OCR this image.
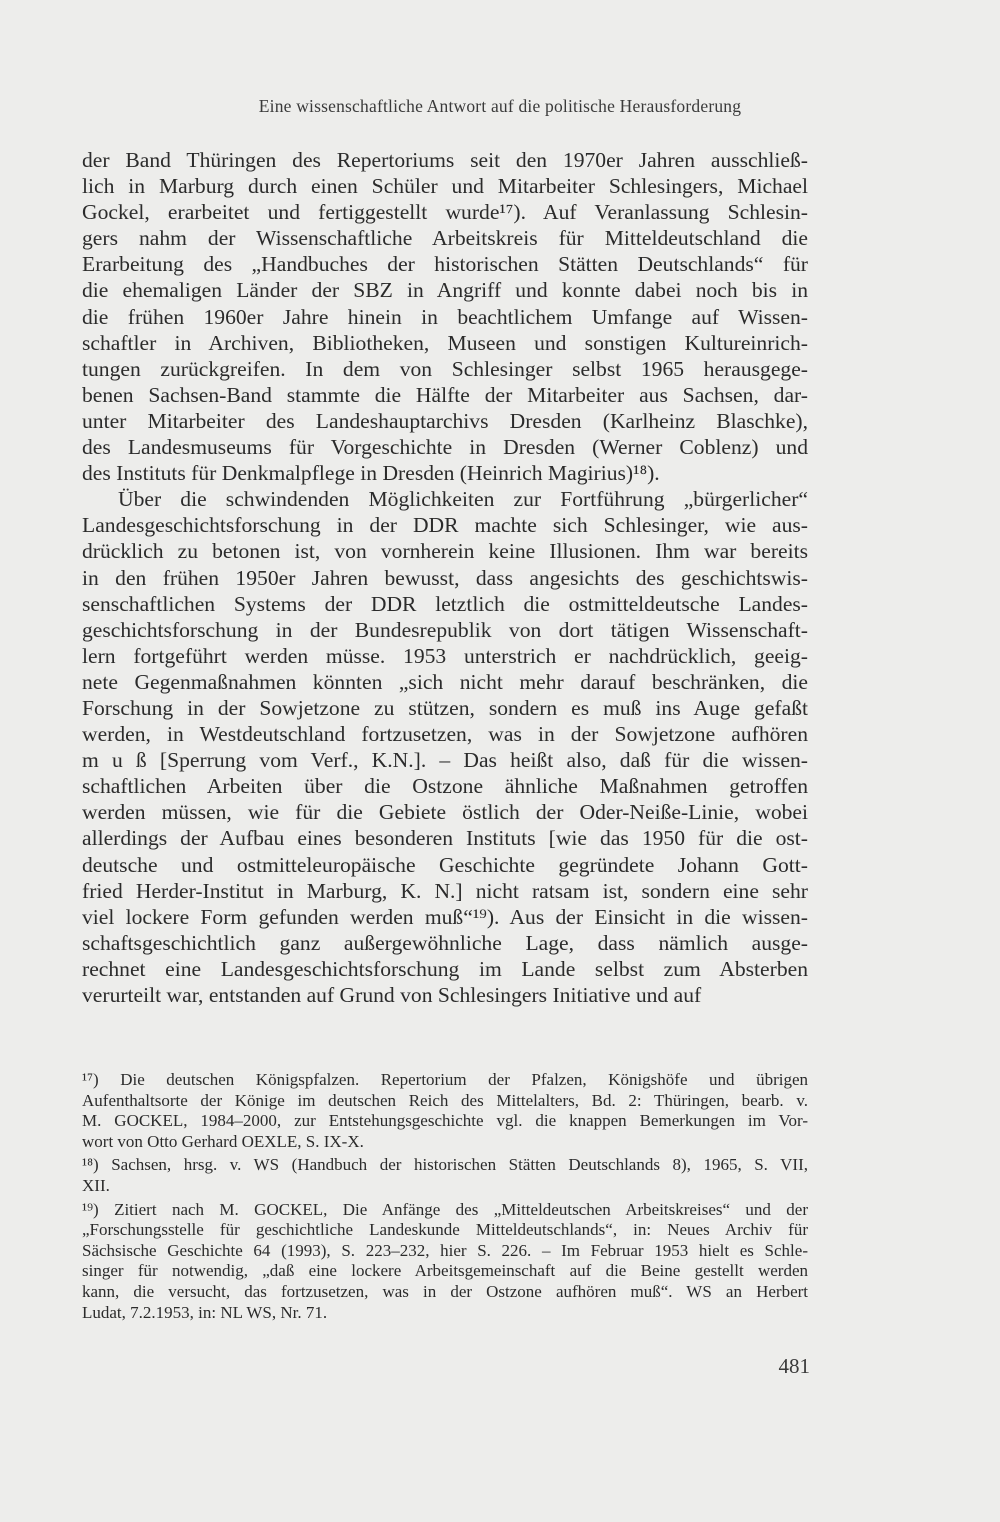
Eine wissenschaftliche Antwort auf die politische Herausforderung
der Band Thüringen des Repertoriums seit den 1970er Jahren ausschließ-
lich in Marburg durch einen Schüler und Mitarbeiter Schlesingers, Michael
Gockel, erarbeitet und fertiggestellt wurde¹⁷). Auf Veranlassung Schlesin-
gers nahm der Wissenschaftliche Arbeitskreis für Mitteldeutschland die
Erarbeitung des „Handbuches der historischen Stätten Deutschlands“ für
die ehemaligen Länder der SBZ in Angriff und konnte dabei noch bis in
die frühen 1960er Jahre hinein in beachtlichem Umfange auf Wissen-
schaftler in Archiven, Bibliotheken, Museen und sonstigen Kultureinrich-
tungen zurückgreifen. In dem von Schlesinger selbst 1965 herausgege-
benen Sachsen-Band stammte die Hälfte der Mitarbeiter aus Sachsen, dar-
unter Mitarbeiter des Landeshauptarchivs Dresden (Karlheinz Blaschke),
des Landesmuseums für Vorgeschichte in Dresden (Werner Coblenz) und
des Instituts für Denkmalpflege in Dresden (Heinrich Magirius)¹⁸).
Über die schwindenden Möglichkeiten zur Fortführung „bürgerlicher“
Landesgeschichtsforschung in der DDR machte sich Schlesinger, wie aus-
drücklich zu betonen ist, von vornherein keine Illusionen. Ihm war bereits
in den frühen 1950er Jahren bewusst, dass angesichts des geschichtswis-
senschaftlichen Systems der DDR letztlich die ostmitteldeutsche Landes-
geschichtsforschung in der Bundesrepublik von dort tätigen Wissenschaft-
lern fortgeführt werden müsse. 1953 unterstrich er nachdrücklich, geeig-
nete Gegenmaßnahmen könnten „sich nicht mehr darauf beschränken, die
Forschung in der Sowjetzone zu stützen, sondern es muß ins Auge gefaßt
werden, in Westdeutschland fortzusetzen, was in der Sowjetzone aufhören
m u ß [Sperrung vom Verf., K.N.]. – Das heißt also, daß für die wissen-
schaftlichen Arbeiten über die Ostzone ähnliche Maßnahmen getroffen
werden müssen, wie für die Gebiete östlich der Oder-Neiße-Linie, wobei
allerdings der Aufbau eines besonderen Instituts [wie das 1950 für die ost-
deutsche und ostmitteleuropäische Geschichte gegründete Johann Gott-
fried Herder-Institut in Marburg, K. N.] nicht ratsam ist, sondern eine sehr
viel lockere Form gefunden werden muß“¹⁹). Aus der Einsicht in die wissen-
schaftsgeschichtlich ganz außergewöhnliche Lage, dass nämlich ausge-
rechnet eine Landesgeschichtsforschung im Lande selbst zum Absterben
verurteilt war, entstanden auf Grund von Schlesingers Initiative und auf
¹⁷) Die deutschen Königspfalzen. Repertorium der Pfalzen, Königshöfe und übrigen
Aufenthaltsorte der Könige im deutschen Reich des Mittelalters, Bd. 2: Thüringen, bearb. v.
M. GOCKEL, 1984–2000, zur Entstehungsgeschichte vgl. die knappen Bemerkungen im Vor-
wort von Otto Gerhard OEXLE, S. IX-X.
¹⁸) Sachsen, hrsg. v. WS (Handbuch der historischen Stätten Deutschlands 8), 1965, S. VII,
XII.
¹⁹) Zitiert nach M. GOCKEL, Die Anfänge des „Mitteldeutschen Arbeitskreises“ und der
„Forschungsstelle für geschichtliche Landeskunde Mitteldeutschlands“, in: Neues Archiv für
Sächsische Geschichte 64 (1993), S. 223–232, hier S. 226. – Im Februar 1953 hielt es Schle-
singer für notwendig, „daß eine lockere Arbeitsgemeinschaft auf die Beine gestellt werden
kann, die versucht, das fortzusetzen, was in der Ostzone aufhören muß“. WS an Herbert
Ludat, 7.2.1953, in: NL WS, Nr. 71.
481
